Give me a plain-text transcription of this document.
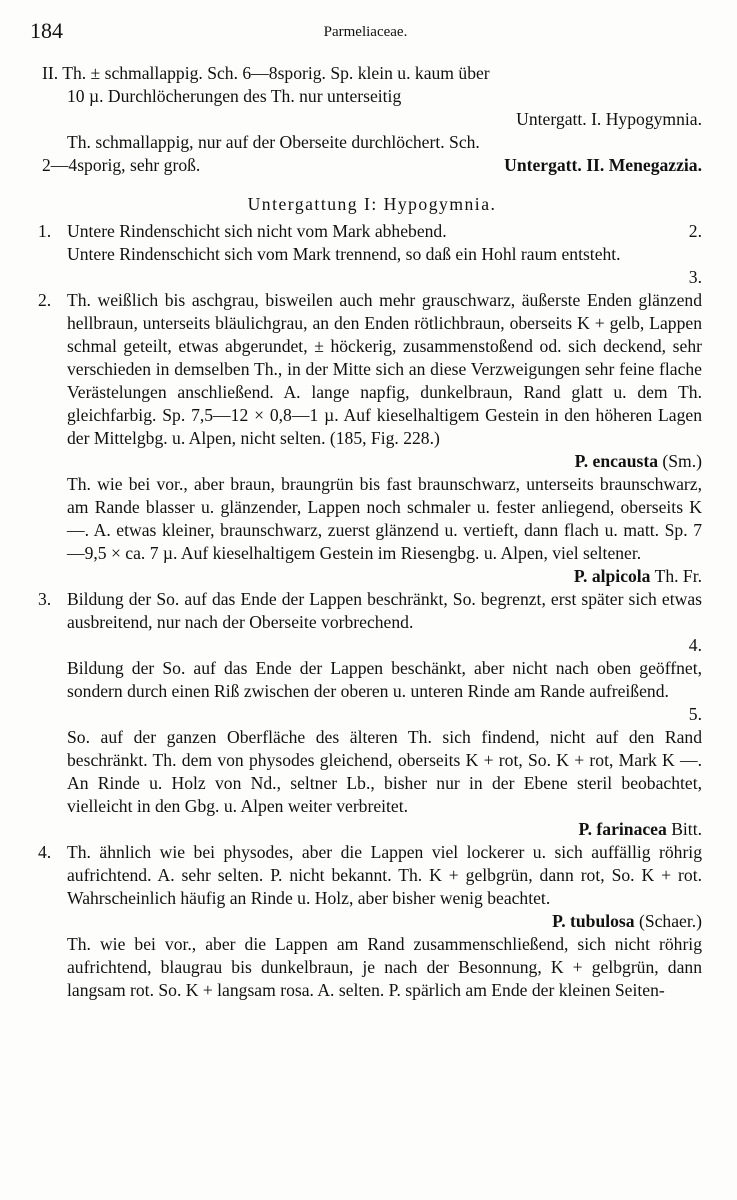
184	Parmeliaceae.
II. Th. ± schmallappig. Sch. 6—8sporig. Sp. klein u. kaum über
10 µ. Durchlöcherungen des Th. nur unterseitig
Untergatt. I. Hypogymnia.
Th. schmallappig, nur auf der Oberseite durchlöchert. Sch.
2—4sporig, sehr groß.	Untergatt. II. Menegazzia.
Untergattung I: Hypogymnia.

1. Untere Rindenschicht sich nicht vom Mark abhebend.	2.

Untere Rindenschicht sich vom Mark trennend, so daß ein Hohl raum entsteht.
3.

2. Th. weißlich bis aschgrau, bisweilen auch mehr grauschwarz, äußerste Enden glänzend hellbraun, unterseits bläulichgrau, an den Enden rötlichbraun, oberseits K + gelb, Lappen schmal geteilt, etwas abgerundet, ± höckerig, zusammenstoßend od. sich deckend, sehr verschieden in demselben Th., in der Mitte sich an diese Verzweigungen sehr feine flache Verästelungen anschließend. A. lange napfig, dunkelbraun, Rand glatt u. dem Th. gleichfarbig. Sp. 7,5—12 × 0,8—1 µ. Auf kieselhaltigem Gestein in den höheren Lagen der Mittelgbg. u. Alpen, nicht selten. (185, Fig. 228.)
P. encausta (Sm.)

Th. wie bei vor., aber braun, braungrün bis fast braunschwarz, unterseits braunschwarz, am Rande blasser u. glänzender, Lappen noch schmaler u. fester anliegend, oberseits K —. A. etwas kleiner, braunschwarz, zuerst glänzend u. vertieft, dann flach u. matt. Sp. 7—9,5 × ca. 7 µ. Auf kieselhaltigem Gestein im Riesengbg. u. Alpen, viel seltener.
P. alpicola Th. Fr.

3. Bildung der So. auf das Ende der Lappen beschränkt, So. begrenzt, erst später sich etwas ausbreitend, nur nach der Oberseite vorbrechend.
4.

Bildung der So. auf das Ende der Lappen beschänkt, aber nicht nach oben geöffnet, sondern durch einen Riß zwischen der oberen u. unteren Rinde am Rande aufreißend.
5.

So. auf der ganzen Oberfläche des älteren Th. sich findend, nicht auf den Rand beschränkt. Th. dem von physodes gleichend, oberseits K + rot, So. K + rot, Mark K —. An Rinde u. Holz von Nd., seltner Lb., bisher nur in der Ebene steril beobachtet, vielleicht in den Gbg. u. Alpen weiter verbreitet.
P. farinacea Bitt.

4. Th. ähnlich wie bei physodes, aber die Lappen viel lockerer u. sich auffällig röhrig aufrichtend. A. sehr selten. P. nicht bekannt. Th. K + gelbgrün, dann rot, So. K + rot. Wahrscheinlich häufig an Rinde u. Holz, aber bisher wenig beachtet.
P. tubulosa (Schaer.)

Th. wie bei vor., aber die Lappen am Rand zusammenschließend, sich nicht röhrig aufrichtend, blaugrau bis dunkelbraun, je nach der Besonnung, K + gelbgrün, dann langsam rot. So. K + langsam rosa. A. selten. P. spärlich am Ende der kleinen Seiten-
